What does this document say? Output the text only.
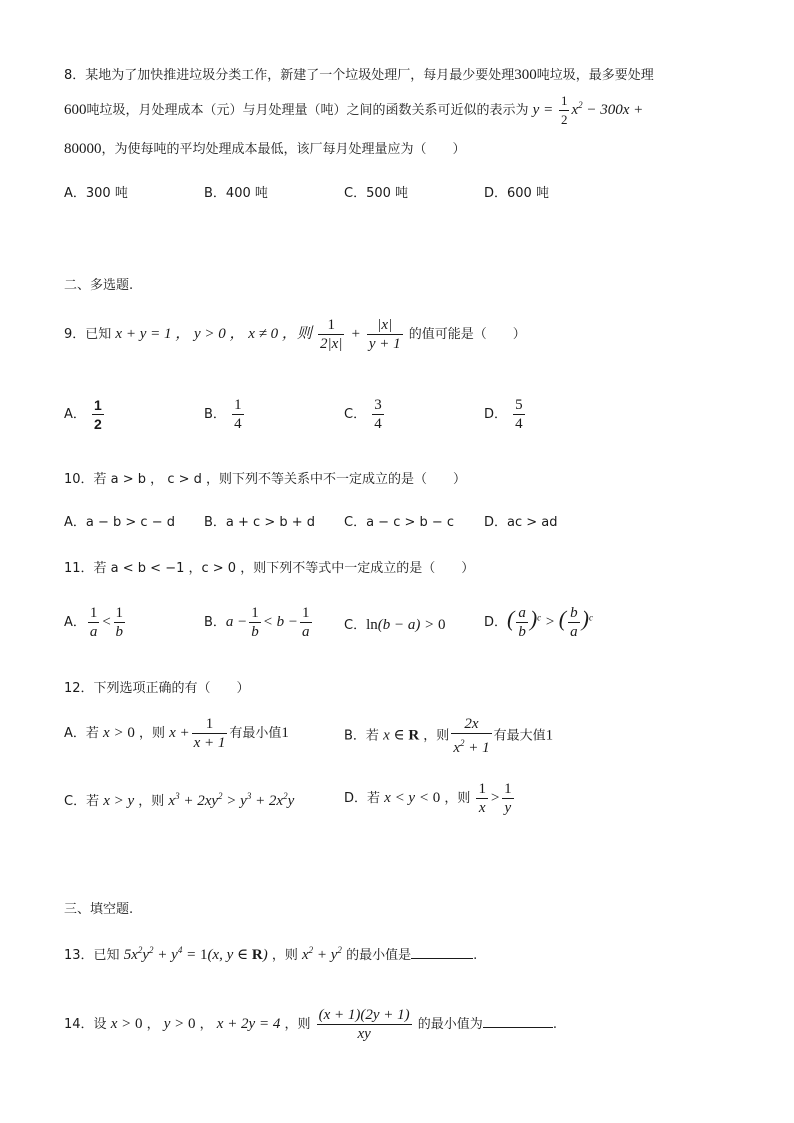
8．某地为了加快推进垃圾分类工作，新建了一个垃圾处理厂，每月最少要处理300吨垃圾，最多要处理
600吨垃圾，月处理成本（元）与月处理量（吨）之间的函数关系可近似的表示为 $y = \frac{1}{2} x^2 - 300x$ +
80000，为使每吨的平均处理成本最低，该厂每月处理量应为（　　）
A．300 吨	B．400 吨	C．500 吨	D．600 吨
二、多选题.
9．已知 x + y = 1 ， y > 0 ， x ≠ 0 ，则 $\frac{1}{2|x|} + \frac{|x|}{y + 1}$ 的值可能是（　　）
A． $\frac{1}{2}$	B． $\frac{1}{4}$	C． $\frac{3}{4}$	D． $\frac{5}{4}$
10．若 a > b ， c > d ，则下列不等关系中不一定成立的是（　　）
A．a − b > c − d B．a + c > b + d C．a − c > b − c D．ac > ad
11．若 a < b < −1 ，c > 0 ，则下列不等式中一定成立的是（　　）
A． $\frac{1}{a} < \frac{1}{b}$	B．$a - \frac{1}{b} < b - \frac{1}{a}$ C．ln(b − a) > 0	D．( $\frac{a}{b} )^c$ > ( $\frac{b}{a} )^c$
12．下列选项正确的有（　　）
A．若 x > 0 ，则 $x + \frac{1}{x + 1}$ 有最小值1	B．若 x ∈ R ，则 $\frac{2x}{x^2 + 1}$ 有最大值1
C．若 x > y ，则 $x^3 + 2xy^2 > y^3 + 2x^2y$	D．若 x < y < 0 ，则 $\frac{1}{x} > \frac{1}{y}$
三、填空题.
13．已知 $5x^2y^2 + y^4 = 1(x$, y ∈ R) ，则 $x^2 + y^2$ 的最小值是	.
14．设 x > 0 ， y > 0 ， x + 2y = 4 ，则 $\frac{(x + 1)(2y + 1)}{xy}$ 的最小值为	.
